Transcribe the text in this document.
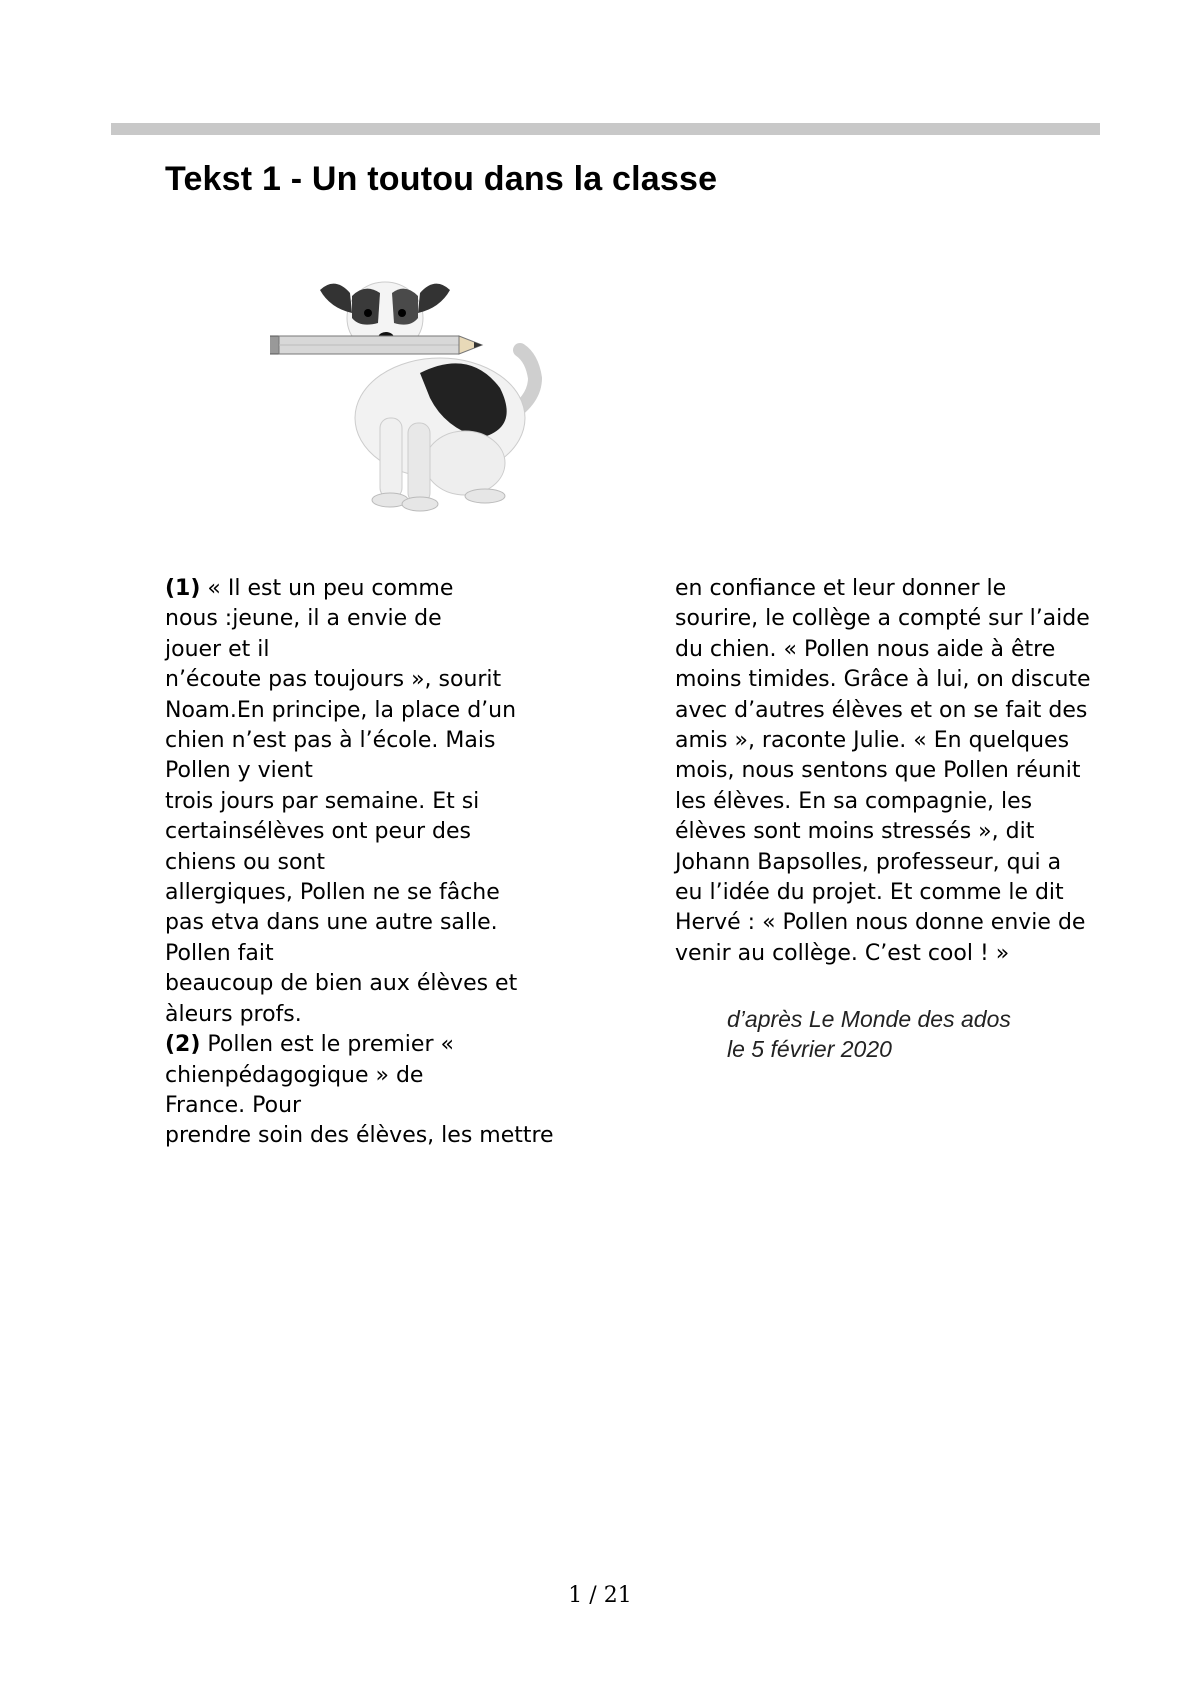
Tekst 1 - Un toutou dans la classe
(1) « Il est un peu comme
nous :jeune, il a envie de
jouer et il
n’écoute pas toujours », sourit
Noam.En principe, la place d’un
chien n’est pas à l’école. Mais
Pollen y vient
trois jours par semaine. Et si
certainsélèves ont peur des
chiens ou sont
allergiques, Pollen ne se fâche
pas etva dans une autre salle.
Pollen fait
beaucoup de bien aux élèves et
àleurs profs.
(2) Pollen est le premier «
chienpédagogique » de
France. Pour
prendre soin des élèves, les mettre
en confiance et leur donner le
sourire, le collège a compté sur l’aide
du chien. « Pollen nous aide à être
moins timides. Grâce à lui, on discute
avec d’autres élèves et on se fait des
amis », raconte Julie. « En quelques
mois, nous sentons que Pollen réunit
les élèves. En sa compagnie, les
élèves sont moins stressés », dit
Johann Bapsolles, professeur, qui a
eu l’idée du projet. Et comme le dit
Hervé : « Pollen nous donne envie de
venir au collège. C’est cool ! »
d’après Le Monde des ados
le 5 février 2020
1 / 21
